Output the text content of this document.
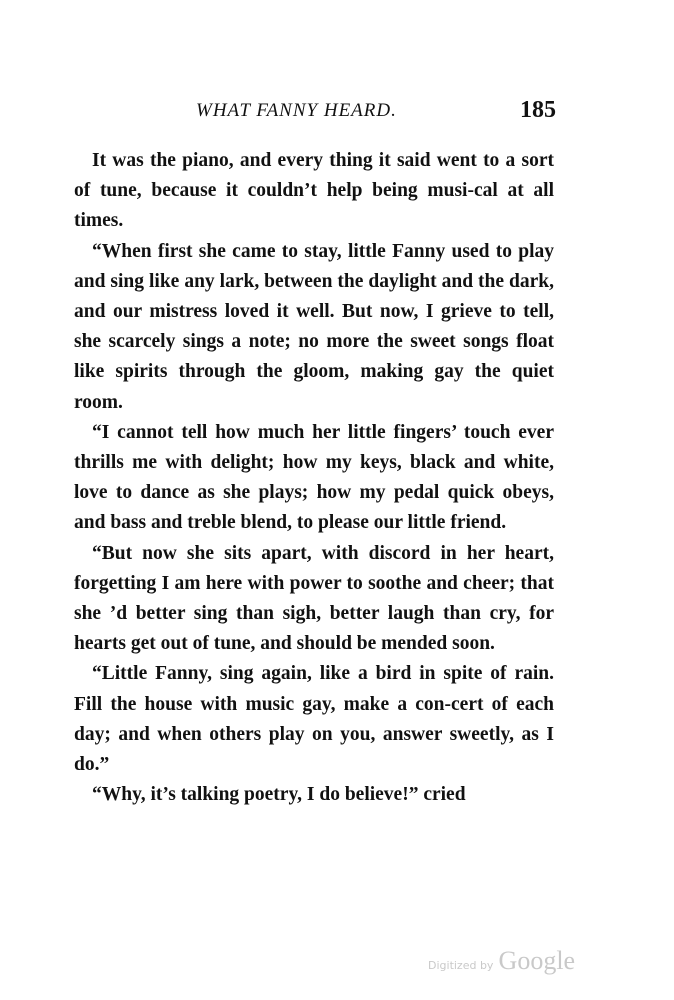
WHAT FANNY HEARD.	185

It was the piano, and every thing it said went to a sort of tune, because it couldn’t help being musi-cal at all times.

“When first she came to stay, little Fanny used to play and sing like any lark, between the daylight and the dark, and our mistress loved it well. But now, I grieve to tell, she scarcely sings a note; no more the sweet songs float like spirits through the gloom, making gay the quiet room.

“I cannot tell how much her little fingers’ touch ever thrills me with delight; how my keys, black and white, love to dance as she plays; how my pedal quick obeys, and bass and treble blend, to please our little friend.

“But now she sits apart, with discord in her heart, forgetting I am here with power to soothe and cheer; that she ’d better sing than sigh, better laugh than cry, for hearts get out of tune, and should be mended soon.

“Little Fanny, sing again, like a bird in spite of rain. Fill the house with music gay, make a con-cert of each day; and when others play on you, answer sweetly, as I do.”

“Why, it’s talking poetry, I do believe!” cried

Digitized by Google
